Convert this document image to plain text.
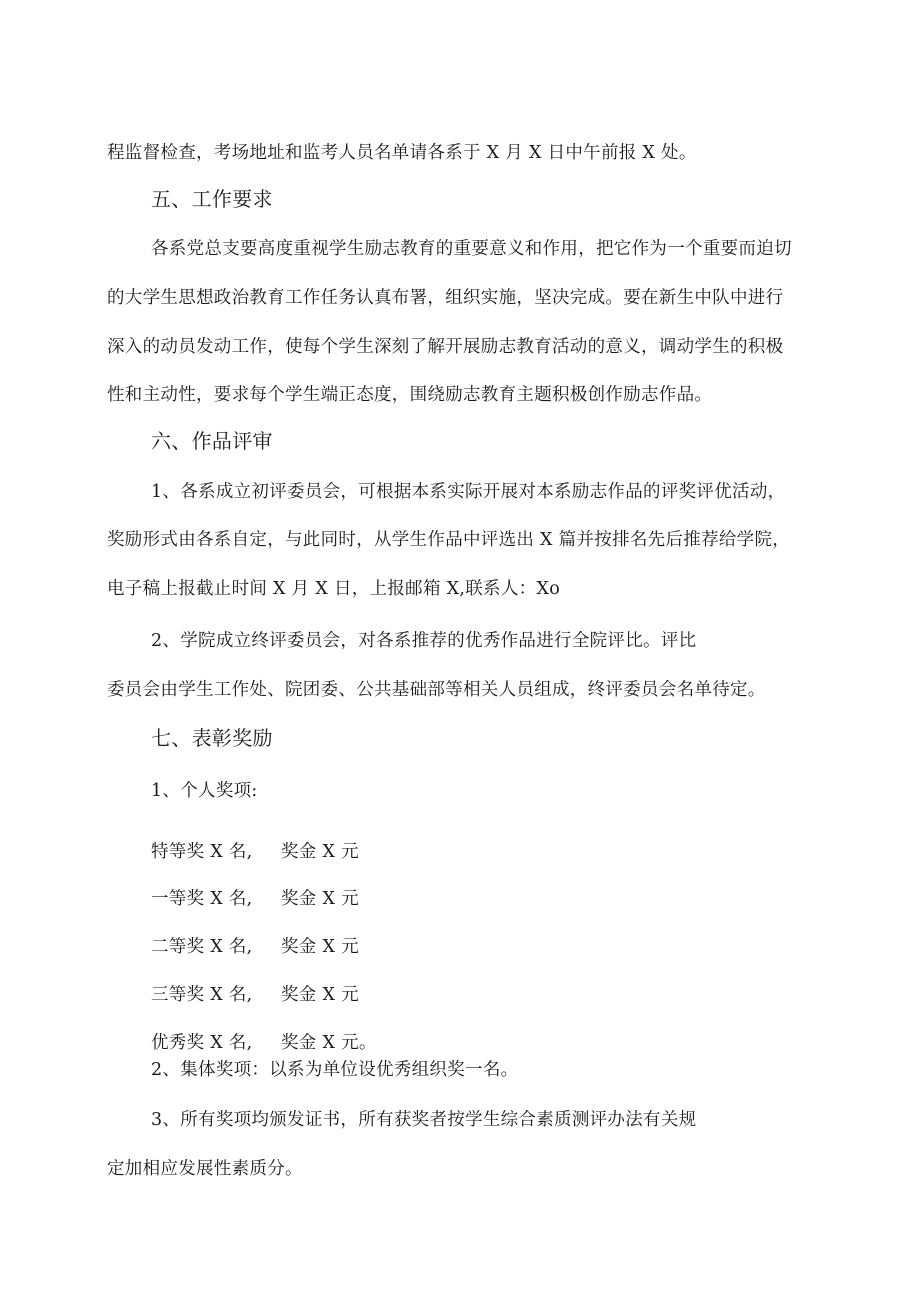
程监督检查，考场地址和监考人员名单请各系于 X 月 X 日中午前报 X 处。
五、工作要求
各系党总支要高度重视学生励志教育的重要意义和作用，把它作为一个重要而迫切
的大学生思想政治教育工作任务认真布署，组织实施，坚决完成。要在新生中队中进行
深入的动员发动工作，使每个学生深刻了解开展励志教育活动的意义，调动学生的积极
性和主动性，要求每个学生端正态度，围绕励志教育主题积极创作励志作品。
六、作品评审
1、各系成立初评委员会，可根据本系实际开展对本系励志作品的评奖评优活动，
奖励形式由各系自定，与此同时，从学生作品中评选出 X 篇并按排名先后推荐给学院，
电子稿上报截止时间 X 月 X 日，上报邮箱 X,联系人：Xo
2、学院成立终评委员会，对各系推荐的优秀作品进行全院评比。评比
委员会由学生工作处、院团委、公共基础部等相关人员组成，终评委员会名单待定。
七、表彰奖励
1、个人奖项:
特等奖 X 名, 奖金 X 元
一等奖 X 名, 奖金 X 元
二等奖 X 名, 奖金 X 元
三等奖 X 名, 奖金 X 元
优秀奖 X 名, 奖金 X 元。
2、集体奖项：以系为单位设优秀组织奖一名。
3、所有奖项均颁发证书，所有获奖者按学生综合素质测评办法有关规
定加相应发展性素质分。
